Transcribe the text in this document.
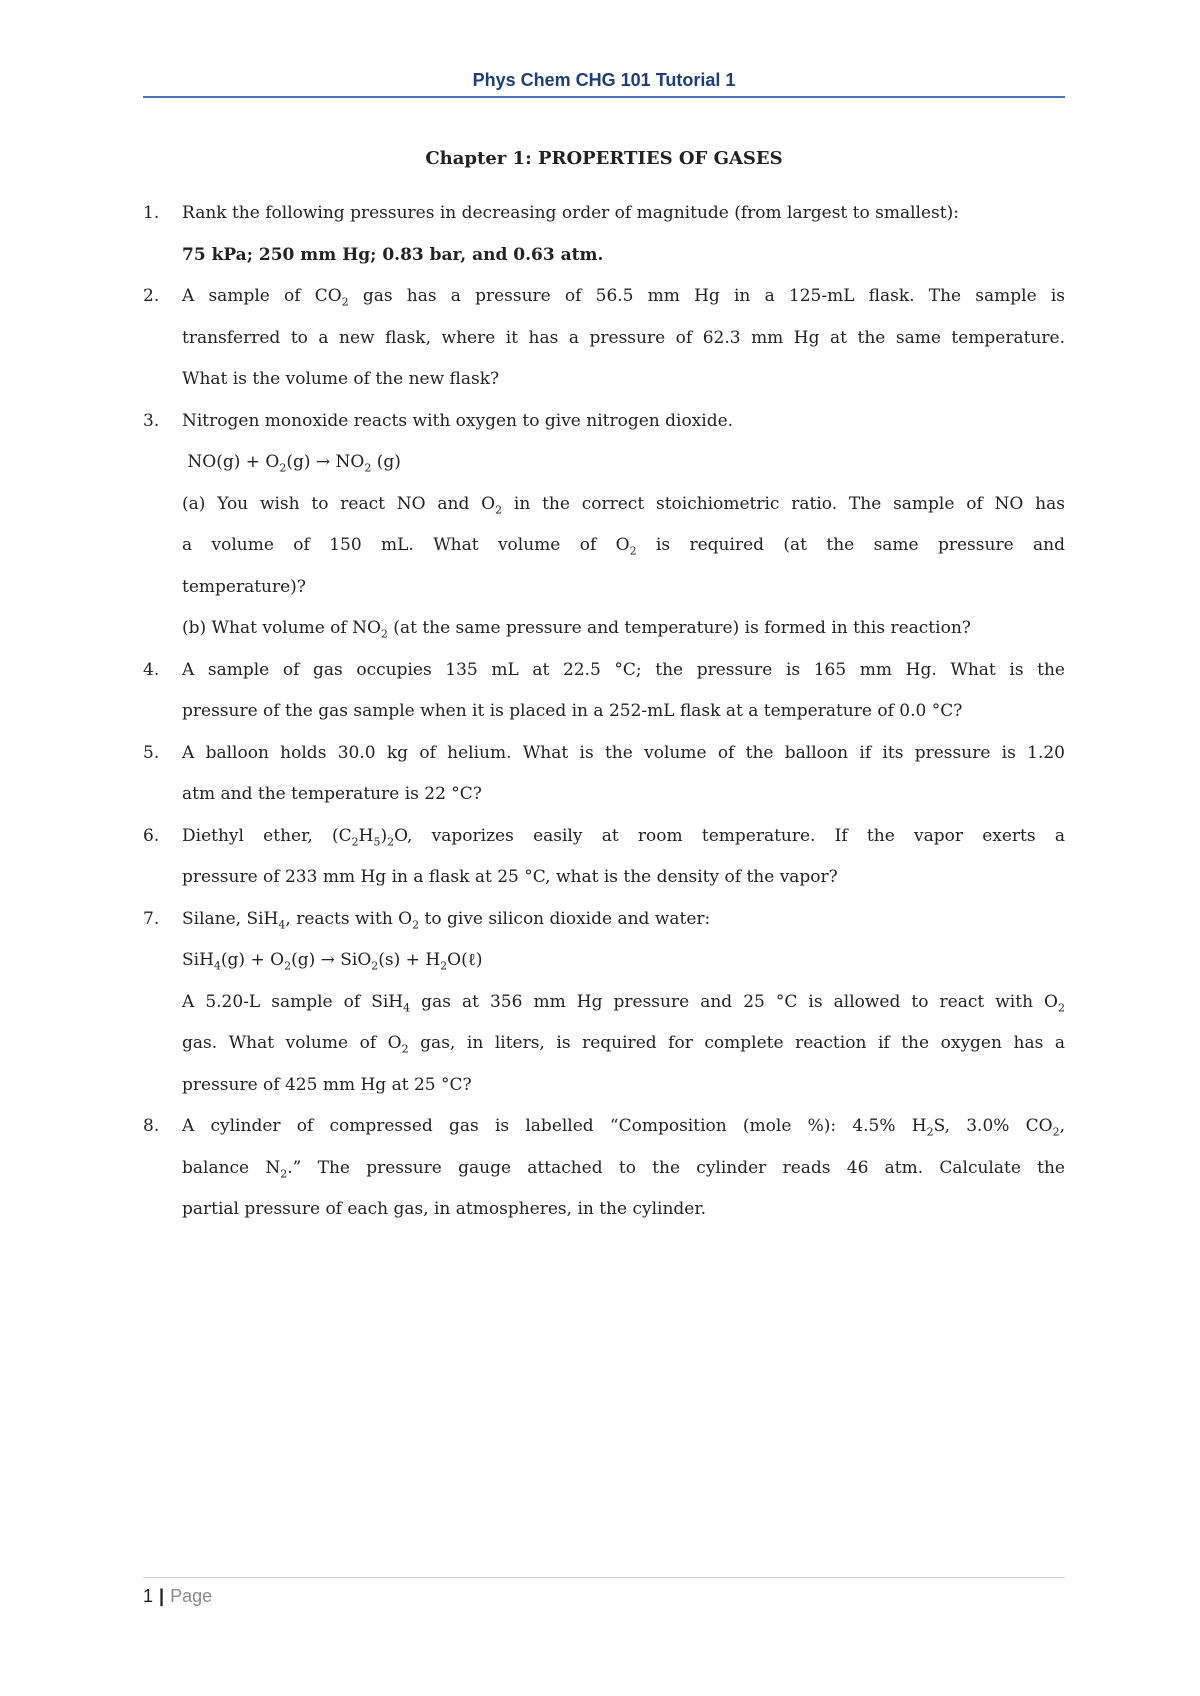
Phys Chem CHG 101 Tutorial 1
Chapter 1: PROPERTIES OF GASES
1. Rank the following pressures in decreasing order of magnitude (from largest to smallest):
75 kPa; 250 mm Hg; 0.83 bar, and 0.63 atm.
2. A sample of $CO_2$ gas has a pressure of 56.5 mm Hg in a 125-mL flask. The sample is
transferred to a new flask, where it has a pressure of 62.3 mm Hg at the same temperature.
What is the volume of the new flask?
3. Nitrogen monoxide reacts with oxygen to give nitrogen dioxide.
$NO(g) + O_2(g) \to NO_2$ (g)
(a) You wish to react NO and $O_2$ in the correct stoichiometric ratio. The sample of NO has
a volume of 150 mL. What volume of $O_2$ is required (at the same pressure and
temperature)?
(b) What volume of $NO_2$ (at the same pressure and temperature) is formed in this reaction?
4. A sample of gas occupies 135 mL at 22.5 °C; the pressure is 165 mm Hg. What is the
pressure of the gas sample when it is placed in a 252-mL flask at a temperature of 0.0 °C?
5. A balloon holds 30.0 kg of helium. What is the volume of the balloon if its pressure is 1.20
atm and the temperature is 22 °C?
6. Diethyl ether, $(C_2H_5)_2O$, vaporizes easily at room temperature. If the vapor exerts a
pressure of 233 mm Hg in a flask at 25 °C, what is the density of the vapor?
7. Silane, SiH$_4$, reacts with $O_2$ to give silicon dioxide and water:
$SiH_4(g) + O_2(g) \to SiO_2(s)$ + $H_2O(\ell)$
A 5.20-L sample of SiH$_4$ gas at 356 mm Hg pressure and 25 °C is allowed to react with $O_2$
gas. What volume of $O_2$ gas, in liters, is required for complete reaction if the oxygen has a
pressure of 425 mm Hg at 25 °C?
8. A cylinder of compressed gas is labelled “Composition (mole %): 4.5% $H_2S$, 3.0% $CO_2$,
balance $N_2$.” The pressure gauge attached to the cylinder reads 46 atm. Calculate the
partial pressure of each gas, in atmospheres, in the cylinder.
1 | Page
